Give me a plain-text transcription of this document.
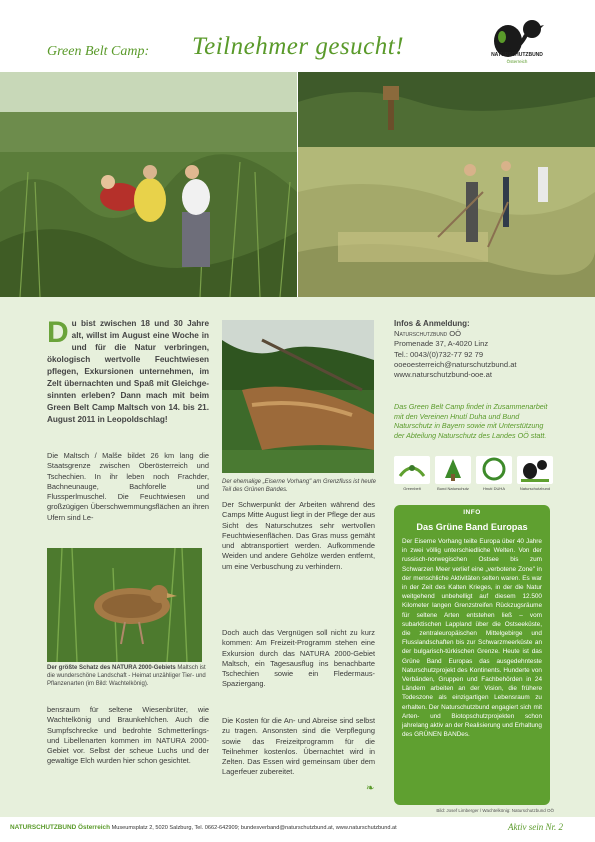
Green Belt Camp: Teilnehmer gesucht!	NATURSCHUTZBUND
Österreich
Du bist zwischen 18 und 30 Jahre alt, willst im August eine Woche in und für die Natur verbringen, ökologisch wertvolle Feuchtwiesen pflegen, Exkursionen unternehmen, im Zelt übernachten und Spaß mit Gleichge-sinnten erleben? Dann mach mit beim Green Belt Camp Maltsch von 14. bis 21. August 2011 in Leopoldschlag!
Die Maltsch / Malše bildet 26 km lang die Staatsgrenze zwischen Oberösterreich und Tschechien. In ihr leben noch Frachder, Bachneunauge, Bachforelle und Flussperlmuschel. Die Feuchtwiesen und großzügigen Überschwemmungsflächen an ihren Ufern sind Le-
Der größte Schatz des NATURA 2000-Gebiets Maltsch ist die wunderschöne Landschaft - Heimat unzähliger Tier- und Pflanzenarten (im Bild: Wachtelkönig).
bensraum für seltene Wiesenbrüter, wie Wachtelkönig und Braunkehlchen. Auch die Sumpfschrecke und bedrohte Schmetterlings- und Libellenarten kommen im NATURA 2000-Gebiet vor. Selbst der scheue Luchs und der gewaltige Elch wurden hier schon gesichtet.
Der ehemalige „Eiserne Vorhang" am Grenzfluss ist heute Teil des Grünen Bandes.
Der Schwerpunkt der Arbeiten während des Camps Mitte August liegt in der Pflege der aus Sicht des Naturschutzes sehr wertvollen Feuchtwiesenflächen. Das Gras muss gemäht und abtransportiert werden. Aufkommende Weiden und andere Gehölze werden entfernt, um eine Verbuschung zu verhindern.
Doch auch das Vergnügen soll nicht zu kurz kommen: Am Freizeit-Programm stehen eine Exkursion durch das NATURA 2000-Gebiet Maltsch, ein Tagesausflug ins benachbarte Tschechien sowie ein Fledermaus-Spaziergang.
Die Kosten für die An- und Abreise sind selbst zu tragen. Ansonsten sind die Verpflegung sowie das Freizeitprogramm für die Teilnehmer kostenlos. Übernachtet wird in Zelten. Das Essen wird gemeinsam über dem Lagerfeuer zubereitet.
❧
Infos & Anmeldung:
Naturschutzbund OÖ
Promenade 37, A-4020 Linz
Tel.: 0043/(0)732-77 92 79
ooeoesterreich@naturschutzbund.at
www.naturschutzbund-ooe.at
Das Green Belt Camp findet in Zusammenarbeit mit den Vereinen Hnutí Duha und Bund Naturschutz in Bayern sowie mit Unterstützung der Abteilung Naturschutz des Landes OÖ statt.
Greenbelt	Bund Naturschutz	Hnutí DUHA	Naturschutzbund
INFO
Das Grüne Band Europas
Der Eiserne Vorhang teilte Europa über 40 Jahre in zwei völlig unterschiedliche Welten. Von der russisch-norwegischen Ostsee bis zum Schwarzen Meer verlief eine „verbotene Zone" in der menschliche Aktivitäten selten waren. Es war in der Zeit des Kalten Krieges, in der die Natur weitgehend unbehelligt auf diesem 12.500 Kilometer langen Grenzstreifen Rückzugsräume für seltene Arten entstehen ließ – vom subarktischen Lappland über die Ostseeküste, die zentraleuropäischen Mittelgebirge und Flusslandschaften bis zur Schwarzmeerküste an der bulgarisch-türkischen Grenze. Heute ist das Grüne Band Europas das ausgedehnteste Naturschutzprojekt des Kontinents. Hunderte von Verbänden, Gruppen und Fachbehörden in 24 Ländern arbeiten an der Vision, die frühere Todeszone als einzigartigen Lebensraum zu erhalten. Der Naturschutzbund engagiert sich mit Arten- und Biotopschutzprojekten schon jahrelang aktiv an der Realisierung und Erhaltung des GRÜNEN BANDes.
Bild: Josef Limberger / Wachtelkönig: Naturschutzbund OÖ
NATURSCHUTZBUND Österreich Museumsplatz 2, 5020 Salzburg, Tel. 0662-642909; bundesverband@naturschutzbund.at, www.naturschutzbund.at	Aktiv sein Nr. 2
